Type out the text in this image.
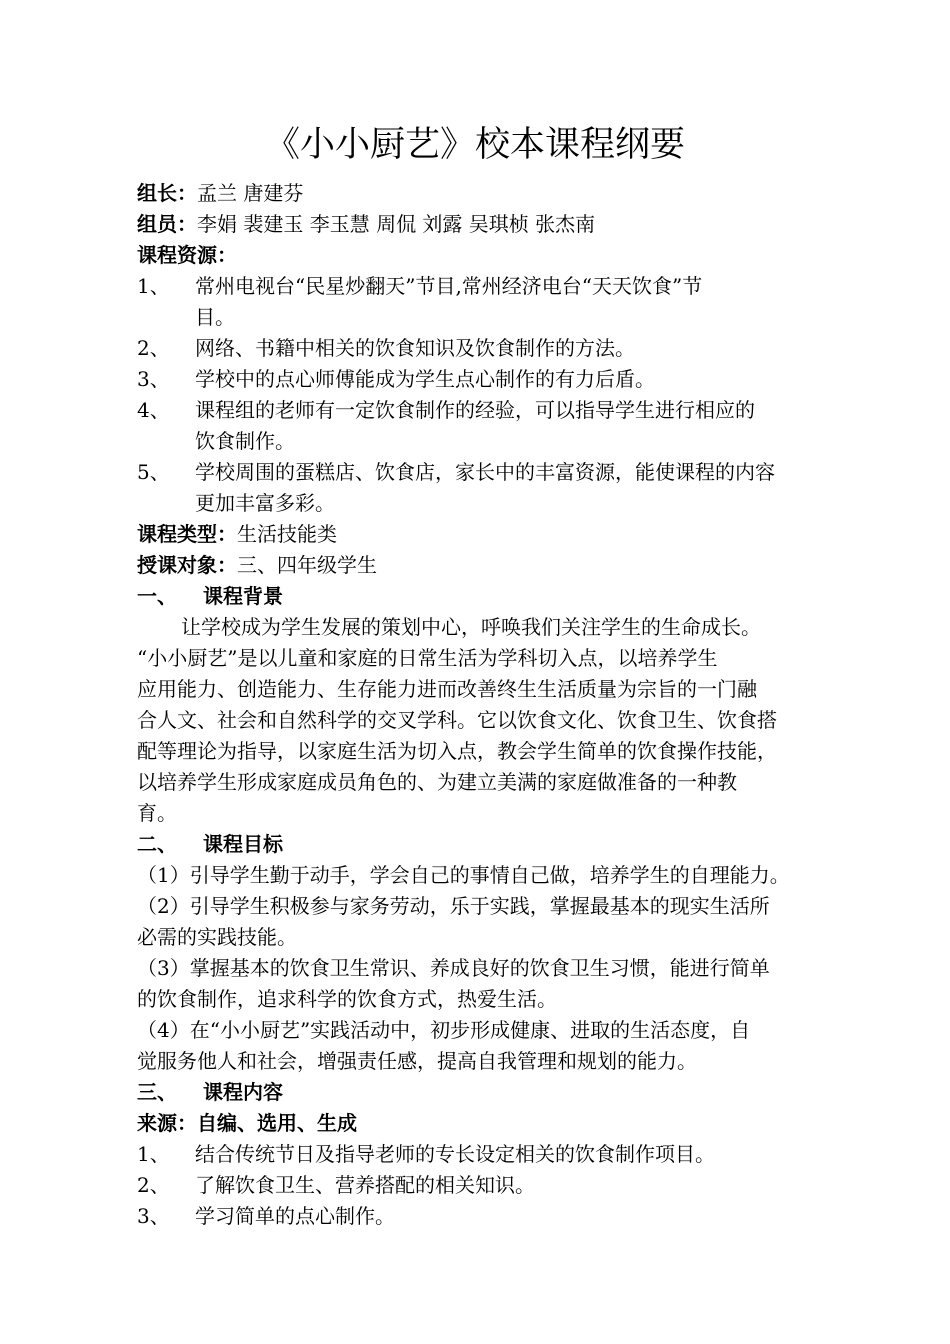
《小小厨艺》校本课程纲要
组长：孟兰 唐建芬
组员：李娟 裴建玉 李玉慧 周侃 刘露 吴琪桢 张杰南
课程资源：
1、 常州电视台“民星炒翻天”节目,常州经济电台“天天饮食”节
目。
2、 网络、书籍中相关的饮食知识及饮食制作的方法。
3、 学校中的点心师傅能成为学生点心制作的有力后盾。
4、 课程组的老师有一定饮食制作的经验，可以指导学生进行相应的
饮食制作。
5、 学校周围的蛋糕店、饮食店，家长中的丰富资源，能使课程的内容
更加丰富多彩。
课程类型：生活技能类
授课对象：三、四年级学生
一、 课程背景
让学校成为学生发展的策划中心，呼唤我们关注学生的生命成长。
“小小厨艺”是以儿童和家庭的日常生活为学科切入点，以培养学生
应用能力、创造能力、生存能力进而改善终生生活质量为宗旨的一门融
合人文、社会和自然科学的交叉学科。它以饮食文化、饮食卫生、饮食搭
配等理论为指导，以家庭生活为切入点，教会学生简单的饮食操作技能，
以培养学生形成家庭成员角色的、为建立美满的家庭做准备的一种教
育。
二、 课程目标
（1）引导学生勤于动手，学会自己的事情自己做，培养学生的自理能力。
（2）引导学生积极参与家务劳动，乐于实践，掌握最基本的现实生活所
必需的实践技能。
（3）掌握基本的饮食卫生常识、养成良好的饮食卫生习惯，能进行简单
的饮食制作，追求科学的饮食方式，热爱生活。
（4）在“小小厨艺”实践活动中，初步形成健康、进取的生活态度，自
觉服务他人和社会，增强责任感，提高自我管理和规划的能力。
三、 课程内容
来源：自编、选用、生成
1、 结合传统节日及指导老师的专长设定相关的饮食制作项目。
2、 了解饮食卫生、营养搭配的相关知识。
3、 学习简单的点心制作。
